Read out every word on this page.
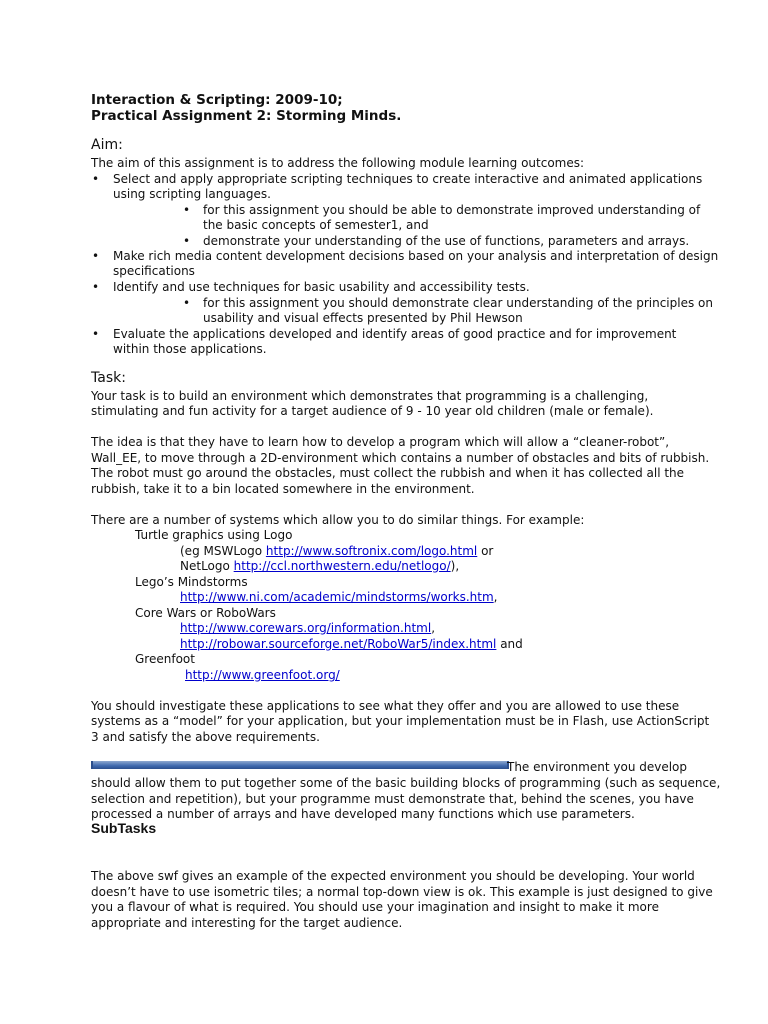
Interaction & Scripting: 2009-10;
Practical Assignment 2: Storming Minds.
Aim:
The aim of this assignment is to address the following module learning outcomes:
• Select and apply appropriate scripting techniques to create interactive and animated applications
using scripting languages.
• for this assignment you should be able to demonstrate improved understanding of
the basic concepts of semester1, and
• demonstrate your understanding of the use of functions, parameters and arrays.
• Make rich media content development decisions based on your analysis and interpretation of design
specifications
• Identify and use techniques for basic usability and accessibility tests.
• for this assignment you should demonstrate clear understanding of the principles on
usability and visual effects presented by Phil Hewson
• Evaluate the applications developed and identify areas of good practice and for improvement
within those applications.
Task:
Your task is to build an environment which demonstrates that programming is a challenging,
stimulating and fun activity for a target audience of 9 - 10 year old children (male or female).
The idea is that they have to learn how to develop a program which will allow a “cleaner-robot”,
Wall_EE, to move through a 2D-environment which contains a number of obstacles and bits of rubbish.
The robot must go around the obstacles, must collect the rubbish and when it has collected all the
rubbish, take it to a bin located somewhere in the environment.
There are a number of systems which allow you to do similar things. For example:
Turtle graphics using Logo
(eg MSWLogo http://www.softronix.com/logo.html or
NetLogo http://ccl.northwestern.edu/netlogo/),
Lego’s Mindstorms
http://www.ni.com/academic/mindstorms/works.htm,
Core Wars or RoboWars
http://www.corewars.org/information.html,
http://robowar.sourceforge.net/RoboWar5/index.html and
Greenfoot
http://www.greenfoot.org/
You should investigate these applications to see what they offer and you are allowed to use these
systems as a “model” for your application, but your implementation must be in Flash, use ActionScript
3 and satisfy the above requirements.
The environment you develop
should allow them to put together some of the basic building blocks of programming (such as sequence,
selection and repetition), but your programme must demonstrate that, behind the scenes, you have
processed a number of arrays and have developed many functions which use parameters.
SubTasks
The above swf gives an example of the expected environment you should be developing. Your world
doesn’t have to use isometric tiles; a normal top-down view is ok. This example is just designed to give
you a flavour of what is required. You should use your imagination and insight to make it more
appropriate and interesting for the target audience.
